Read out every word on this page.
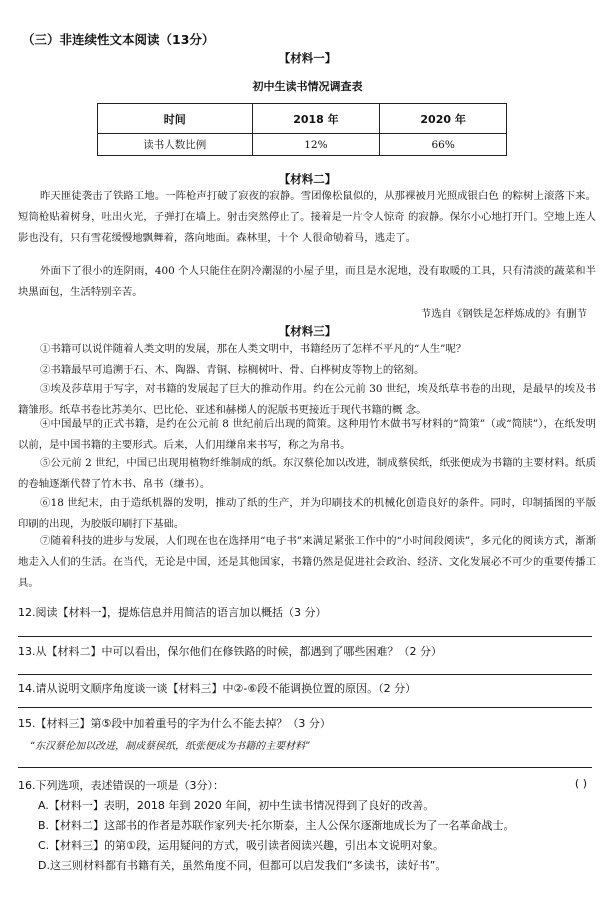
（三）非连续性文本阅读（13分）
【材料一】
初中生读书情况调查表
时间	2018 年	2020 年
读书人数比例	12%	66%
【材料二】
昨天匪徒袭击了铁路工地。一阵枪声打破了寂夜的寂静。雪团像松鼠似的，从那裸被月光照成银白色 的粽树上滚落下来。短筒枪贴着树身，吐出火光，子弹打在墙上。射击突然停止了。接着是一片令人惊奇 的寂静。保尔小心地打开门。空地上连人影也没有，只有雪花缓慢地飘舞着，落向地面。森林里，十个 人很命劬着马，逃走了。
外面下了很小的连阴雨，400 个人只能住在阴冷潮湿的小屋子里，而且是水泥地，没有取暖的工具，只有清淡的蔬菜和半块黑面包，生活特别辛苦。
节选自《钢铁是怎样炼成的》有删节
【材料三】
①书籍可以说伴随着人类文明的发展，那在人类文明中，书籍经历了怎样不平凡的“人生”呢？
②书籍最早可追溯于石、木、陶器、青铜、棕榈树叶、骨、白桦树皮等物上的铭刻。
③埃及莎草用于写字，对书籍的发展起了巨大的推动作用。约在公元前 30 世纪，埃及纸草书卷的出现，是最早的埃及书籍雏形。纸草书卷比苏美尔、巴比伦、亚述和赫梯人的泥版书更接近于现代书籍的概 念。
④中国最早的正式书籍，是约在公元前 8 世纪前后出现的简策。这种用竹木做书写材料的“简策”（或“简牍”），在纸发明以前，是中国书籍的主要形式。后来，人们用缣帛来书写，称之为帛书。
⑤公元前 2 世纪，中国已出现用植物纤维制成的纸。东汉蔡伦加以改进，制成蔡侯纸，纸张便成为书籍的主要材料。纸质的卷轴逐渐代替了竹木书、帛书（缣书）。
⑥18 世纪末，由于造纸机器的发明，推动了纸的生产，并为印刷技术的机械化创造良好的条件。同时，印制插图的平版印刷的出现，为胶版印刷打下基础。
⑦随着科技的进步与发展，人们现在也在选择用“电子书”来满足紧张工作中的“小时间段阅读”，多元化的阅读方式，渐渐地走入人们的生活。在当代，无论是中国，还是其他国家，书籍仍然是促进社会政治、经济、文化发展必不可少的重要传播工具。
12.阅读【材料一】，提炼信息并用简洁的语言加以概括（3 分）
13.从【材料二】中可以看出，保尔他们在修铁路的时候，都遇到了哪些困难？（2 分）
14.请从说明文顺序角度谈一谈【材料三】中②-⑥段不能调换位置的原因。（2 分）
15.【材料三】第⑤段中加着重号的字为什么不能去掉？（3 分）
“东汉蔡伦加以改进，制成蔡侯纸，纸张便成为书籍的主要材料”
16.下列选项，表述错误的一项是（3分）：	( )
A.【材料一】表明，2018 年到 2020 年间，初中生读书情况得到了良好的改善。
B.【材料二】这部书的作者是苏联作家列夫·托尔斯泰，主人公保尔逐渐地成长为了一名革命战士。
C.【材料三】的第①段，运用疑问的方式，吸引读者阅读兴趣，引出本文说明对象。
D.这三则材料都有书籍有关，虽然角度不同，但都可以启发我们“多读书，读好书”。
